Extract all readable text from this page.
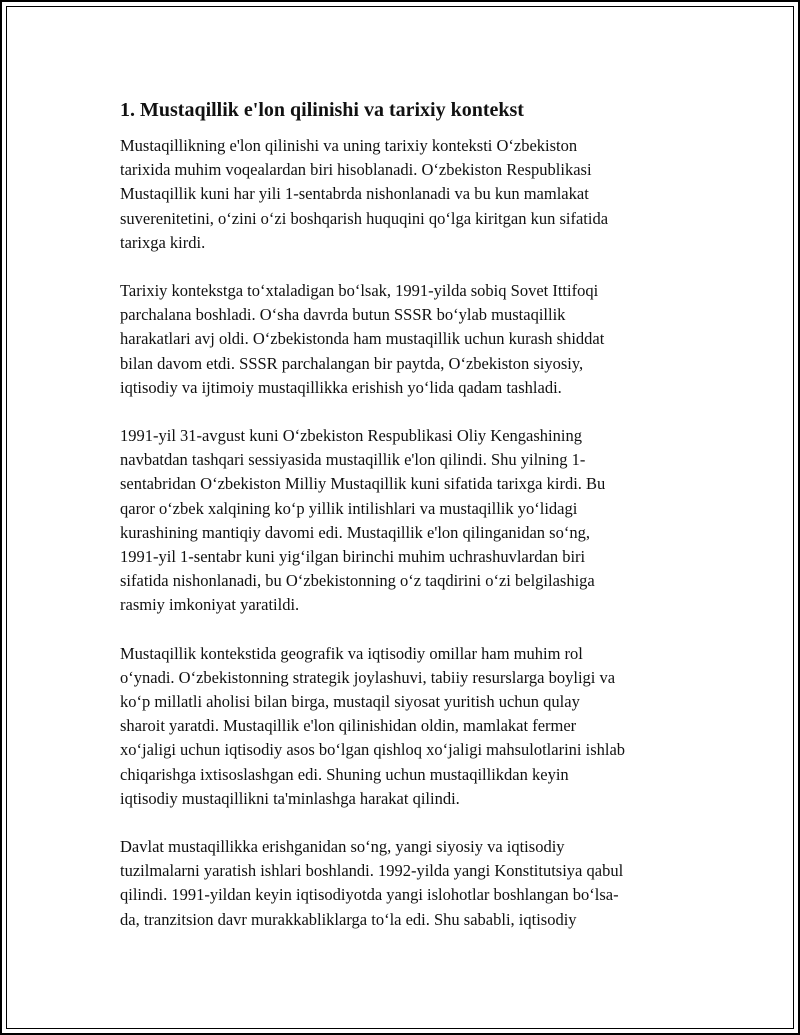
1. Mustaqillik e'lon qilinishi va tarixiy kontekst

Mustaqillikning e'lon qilinishi va uning tarixiy konteksti O‘zbekiston
tarixida muhim voqealardan biri hisoblanadi. O‘zbekiston Respublikasi
Mustaqillik kuni har yili 1-sentabrda nishonlanadi va bu kun mamlakat
suverenitetini, o‘zini o‘zi boshqarish huquqini qo‘lga kiritgan kun sifatida
tarixga kirdi.

Tarixiy kontekstga to‘xtaladigan bo‘lsak, 1991-yilda sobiq Sovet Ittifoqi
parchalana boshladi. O‘sha davrda butun SSSR bo‘ylab mustaqillik
harakatlari avj oldi. O‘zbekistonda ham mustaqillik uchun kurash shiddat
bilan davom etdi. SSSR parchalangan bir paytda, O‘zbekiston siyosiy,
iqtisodiy va ijtimoiy mustaqillikka erishish yo‘lida qadam tashladi.

1991-yil 31-avgust kuni O‘zbekiston Respublikasi Oliy Kengashining
navbatdan tashqari sessiyasida mustaqillik e'lon qilindi. Shu yilning 1-
sentabridan O‘zbekiston Milliy Mustaqillik kuni sifatida tarixga kirdi. Bu
qaror o‘zbek xalqining ko‘p yillik intilishlari va mustaqillik yo‘lidagi
kurashining mantiqiy davomi edi. Mustaqillik e'lon qilinganidan so‘ng,
1991-yil 1-sentabr kuni yig‘ilgan birinchi muhim uchrashuvlardan biri
sifatida nishonlanadi, bu O‘zbekistonning o‘z taqdirini o‘zi belgilashiga
rasmiy imkoniyat yaratildi.

Mustaqillik kontekstida geografik va iqtisodiy omillar ham muhim rol
o‘ynadi. O‘zbekistonning strategik joylashuvi, tabiiy resurslarga boyligi va
ko‘p millatli aholisi bilan birga, mustaqil siyosat yuritish uchun qulay
sharoit yaratdi. Mustaqillik e'lon qilinishidan oldin, mamlakat fermer
xo‘jaligi uchun iqtisodiy asos bo‘lgan qishloq xo‘jaligi mahsulotlarini ishlab
chiqarishga ixtisoslashgan edi. Shuning uchun mustaqillikdan keyin
iqtisodiy mustaqillikni ta'minlashga harakat qilindi.

Davlat mustaqillikka erishganidan so‘ng, yangi siyosiy va iqtisodiy
tuzilmalarni yaratish ishlari boshlandi. 1992-yilda yangi Konstitutsiya qabul
qilindi. 1991-yildan keyin iqtisodiyotda yangi islohotlar boshlangan bo‘lsa-
da, tranzitsion davr murakkabliklarga to‘la edi. Shu sababli, iqtisodiy
